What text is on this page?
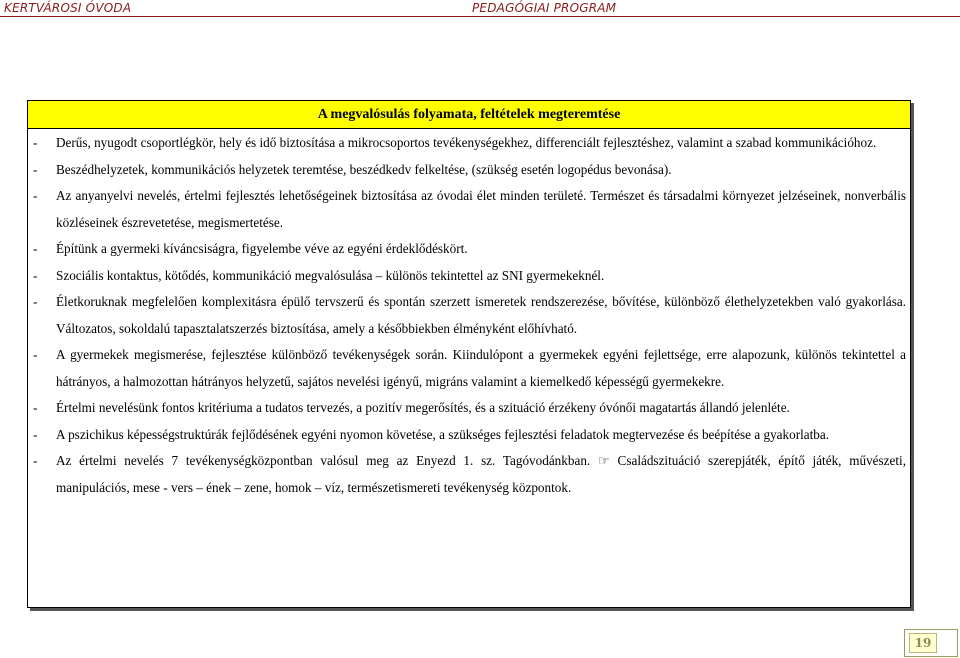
KERTVÁROSI ÓVODA	PEDAGÓGIAI PROGRAM
A megvalósulás folyamata, feltételek megteremtése
- Derűs, nyugodt csoportlégkör, hely és idő biztosítása a mikrocsoportos tevékenységekhez, differenciált fejlesztéshez, valamint a szabad kommunikációhoz.
- Beszédhelyzetek, kommunikációs helyzetek teremtése, beszédkedv felkeltése, (szükség esetén logopédus bevonása).
- Az anyanyelvi nevelés, értelmi fejlesztés lehetőségeinek biztosítása az óvodai élet minden területé. Természet és társadalmi környezet jelzéseinek, nonverbális közléseinek észrevetetése, megismertetése.
- Építünk a gyermeki kíváncsiságra, figyelembe véve az egyéni érdeklődéskört.
- Szociális kontaktus, kötődés, kommunikáció megvalósulása – különös tekintettel az SNI gyermekeknél.
- Életkoruknak megfelelően komplexitásra épülő tervszerű és spontán szerzett ismeretek rendszerezése, bővítése, különböző élethelyzetekben való gyakorlása. Változatos, sokoldalú tapasztalatszerzés biztosítása, amely a későbbiekben élményként előhívható.
- A gyermekek megismerése, fejlesztése különböző tevékenységek során. Kiindulópont a gyermekek egyéni fejlettsége, erre alapozunk, különös tekintettel a hátrányos, a halmozottan hátrányos helyzetű, sajátos nevelési igényű, migráns valamint a kiemelkedő képességű gyermekekre.
- Értelmi nevelésünk fontos kritériuma a tudatos tervezés, a pozitív megerősítés, és a szituáció érzékeny óvónői magatartás állandó jelenléte.
- A pszichikus képességstruktúrák fejlődésének egyéni nyomon követése, a szükséges fejlesztési feladatok megtervezése és beépítése a gyakorlatba.
- Az értelmi nevelés 7 tevékenységközpontban valósul meg az Enyezd 1. sz. Tagóvodánkban. ☞ Családszituáció szerepjáték, építő játék, művészeti, manipulációs, mese - vers – ének – zene, homok – víz, természetismereti tevékenység központok.
19
